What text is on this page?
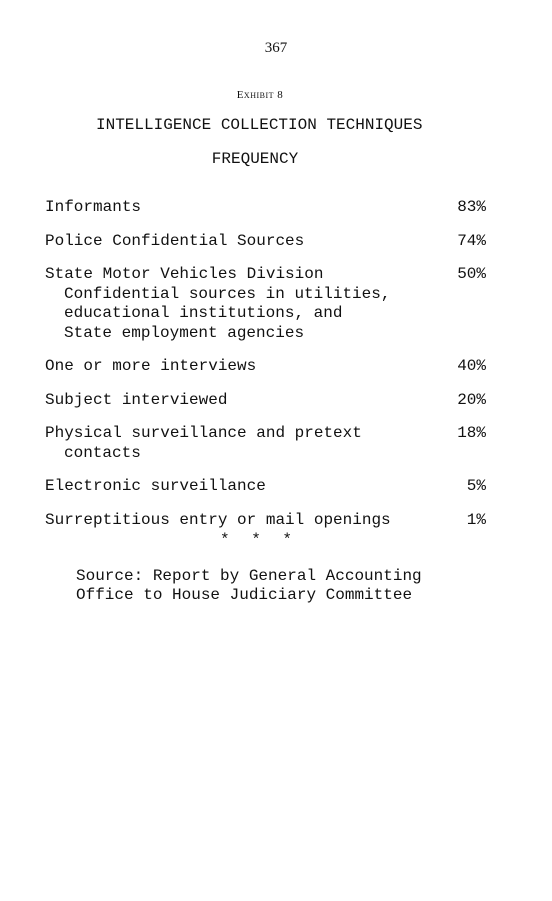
367
Exhibit 8
INTELLIGENCE COLLECTION TECHNIQUES
FREQUENCY
Informants	83%
Police Confidential Sources	74%
State Motor Vehicles Division	50%
Confidential sources in utilities,
educational institutions, and
State employment agencies
One or more interviews	40%
Subject interviewed	20%
Physical surveillance and pretext	18%
contacts
Electronic surveillance	5%
Surreptitious entry or mail openings	1%
* * *
Source: Report by General Accounting
Office to House Judiciary Committee
